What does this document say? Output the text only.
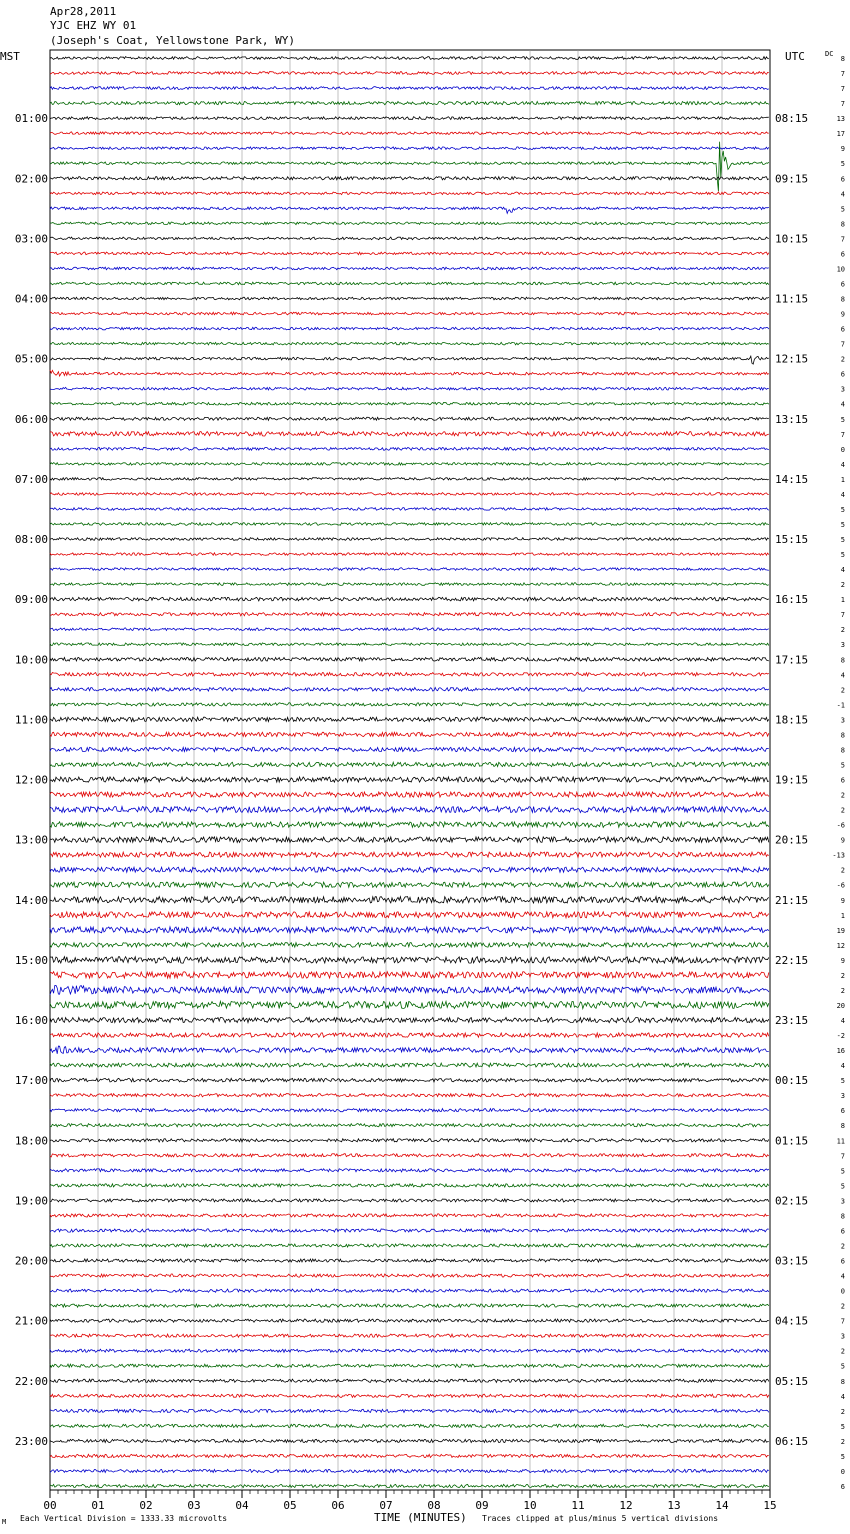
Apr28,2011
YJC EHZ WY 01
(Joseph's Coat, Yellowstone Park, WY)
8
7
7
7
13
17
9
5
6
4
5
8
7
6
10
6
8
9
6
7
2
6
3
4
5
7
0
4
1
4
5
5
5
5
4
2
1
7
2
3
8
4
2
-1
3
8
8
5
6
2
2
-6
9
-13
2
-6
9
1
19
12
9
2
2
20
4
-2
16
4
5
3
6
8
11
7
5
5
3
8
6
2
6
4
0
2
7
3
2
5
8
4
2
5
2
5
0
6
MST	UTC	DC
01:00
02:00
03:00
04:00
05:00
06:00
07:00
08:00
09:00
10:00
11:00
12:00
13:00
14:00
15:00
16:00
17:00
18:00
19:00
20:00
21:00
22:00
23:00
08:15
09:15
10:15
11:15
12:15
13:15
14:15
15:15
16:15
17:15
18:15
19:15
20:15
21:15
22:15
23:15
00:15
01:15
02:15
03:15
04:15
05:15
06:15
00	01	02	03	04	05	06	07	08	09	10	11	12	13	14	15
TIME (MINUTES)
Each Vertical Division = 1333.33 microvolts	Traces clipped at plus/minus 5 vertical divisions
M
